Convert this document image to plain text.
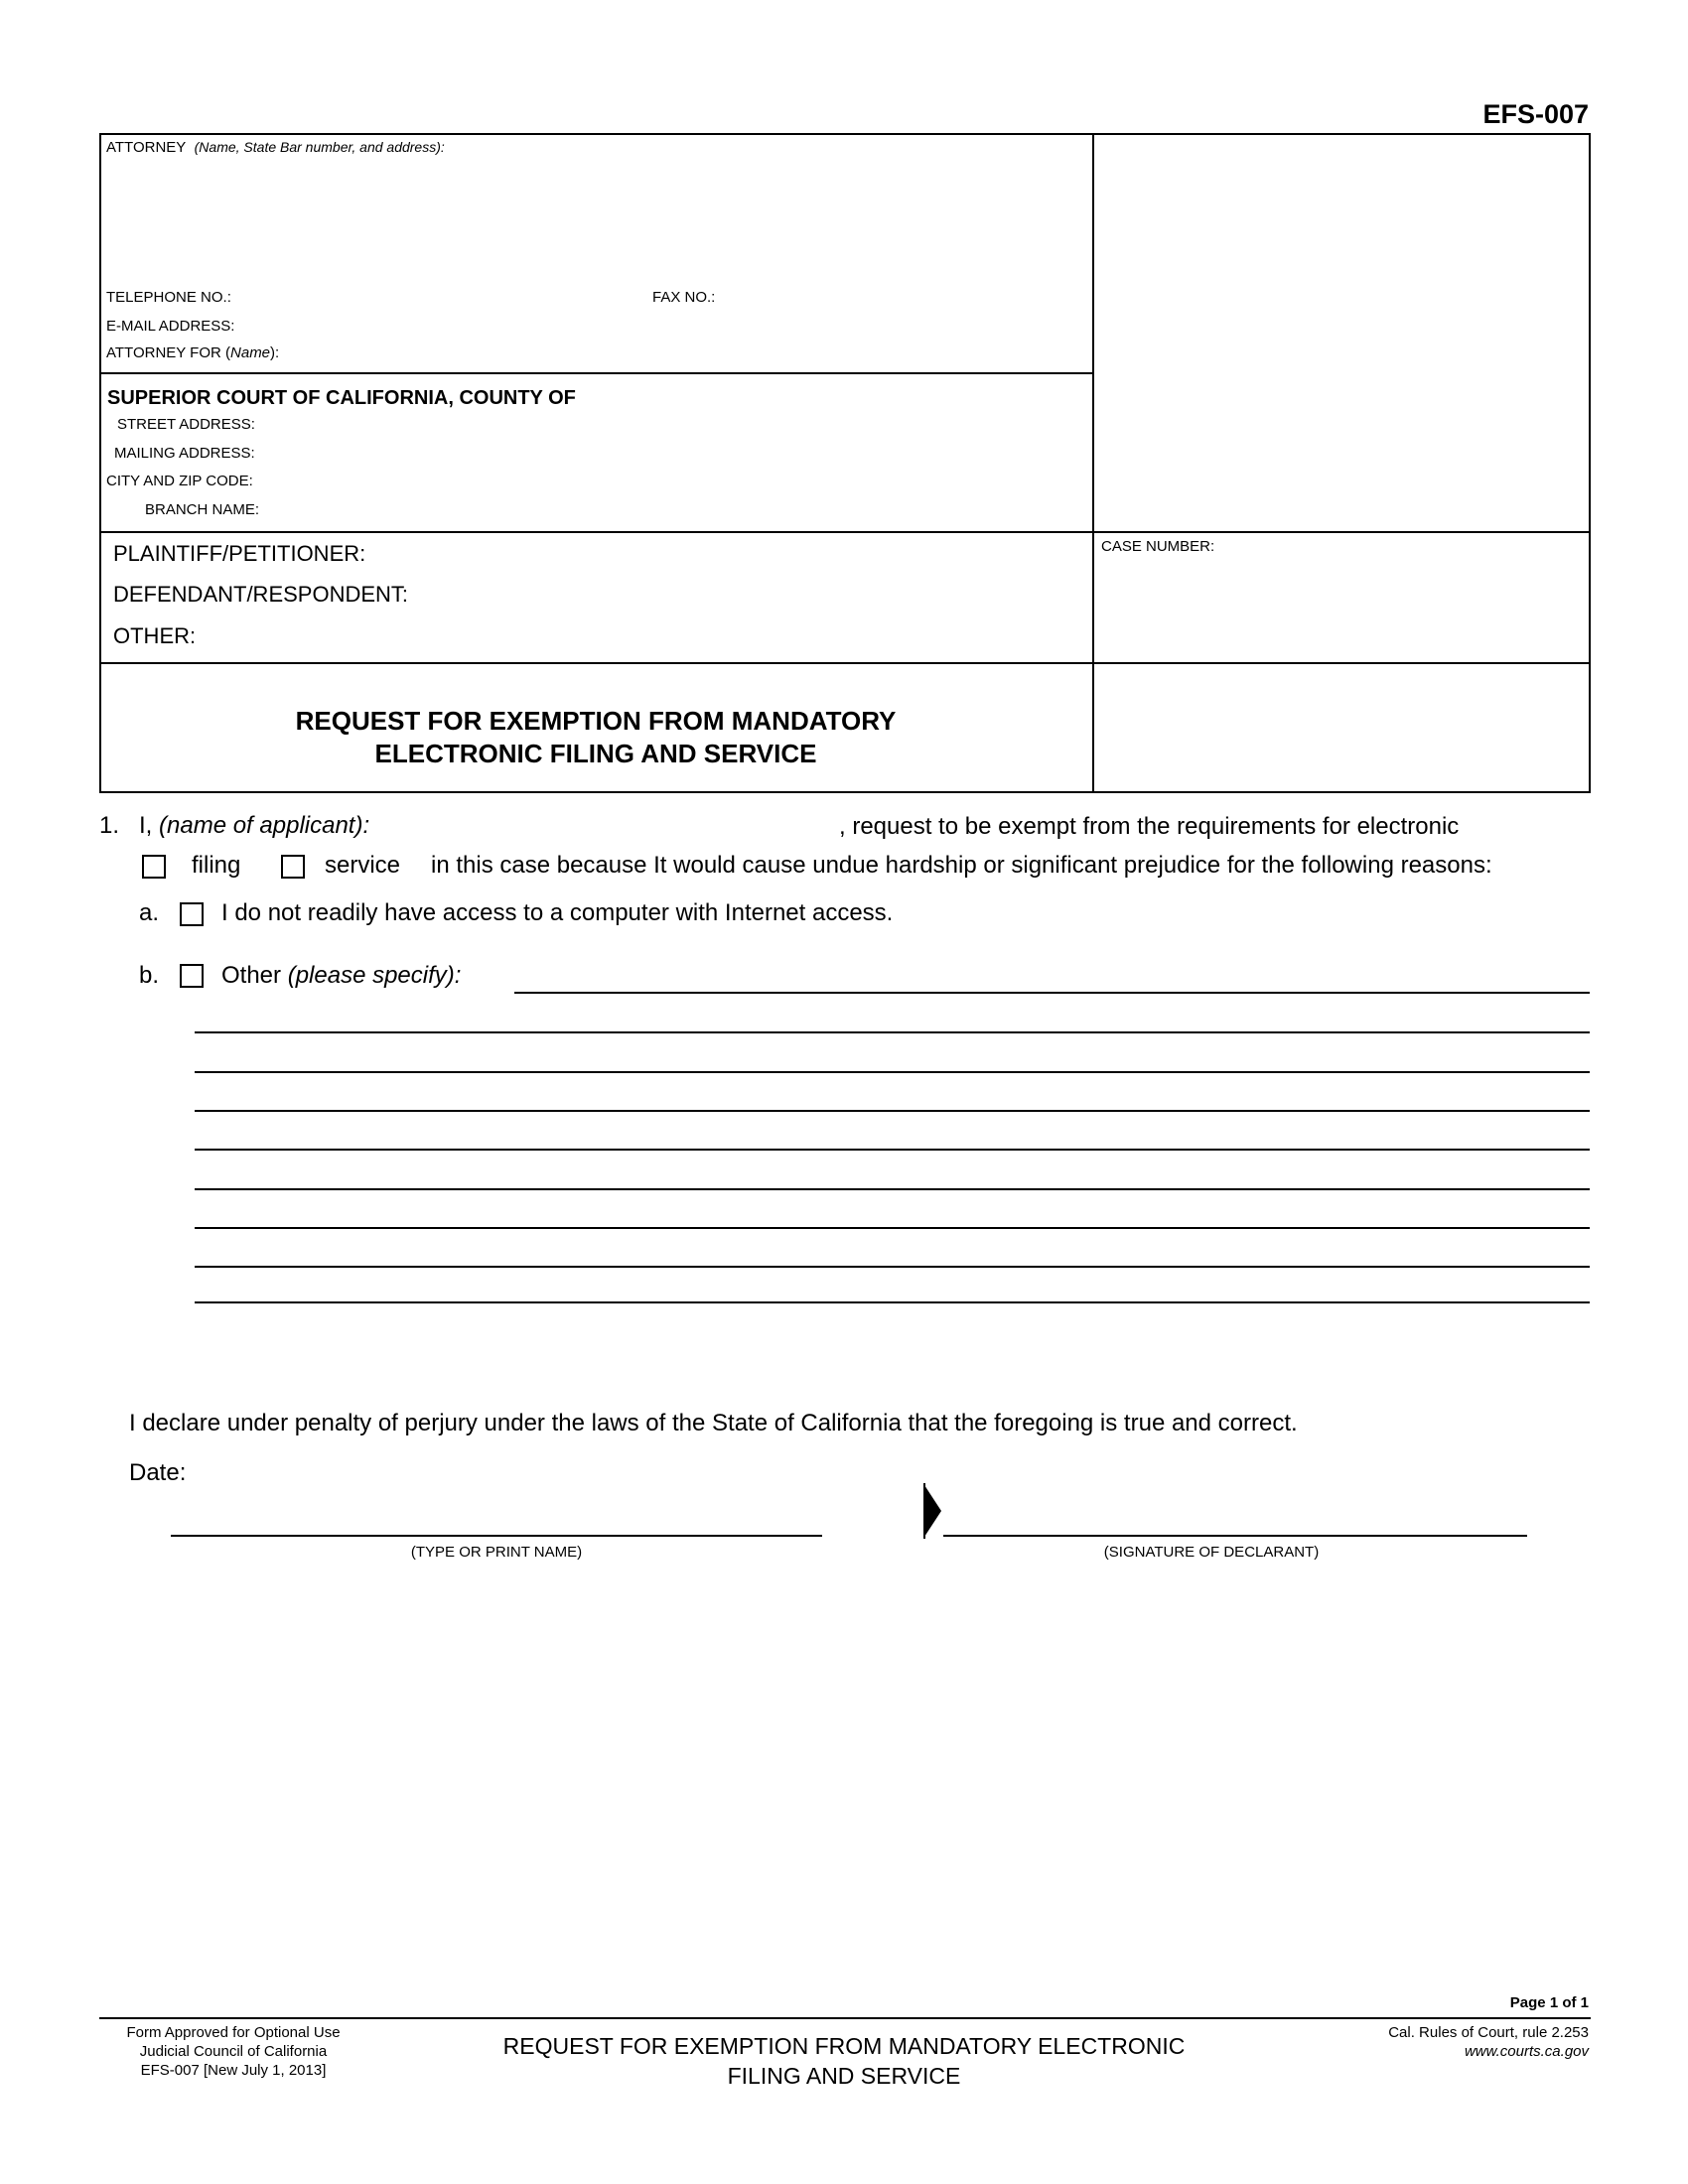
EFS-007
ATTORNEY (Name, State Bar number, and address):
TELEPHONE NO.:	FAX NO.:
E-MAIL ADDRESS:
ATTORNEY FOR (Name):
SUPERIOR COURT OF CALIFORNIA, COUNTY OF
STREET ADDRESS:
MAILING ADDRESS:
CITY AND ZIP CODE:
BRANCH NAME:
PLAINTIFF/PETITIONER:
DEFENDANT/RESPONDENT:
OTHER:
CASE NUMBER:
REQUEST FOR EXEMPTION FROM MANDATORY
ELECTRONIC FILING AND SERVICE
1. I, (name of applicant):	, request to be exempt from the requirements for electronic
filing	service in this case because It would cause undue hardship or significant prejudice for the following reasons:
a.	I do not readily have access to a computer with Internet access.
b.	Other (please specify):
I declare under penalty of perjury under the laws of the State of California that the foregoing is true and correct.
Date:
(TYPE OR PRINT NAME)	(SIGNATURE OF DECLARANT)
Page 1 of 1
Form Approved for Optional Use
Judicial Council of California
EFS-007 [New July 1, 2013]
REQUEST FOR EXEMPTION FROM MANDATORY ELECTRONIC
FILING AND SERVICE
Cal. Rules of Court, rule 2.253
www.courts.ca.gov
